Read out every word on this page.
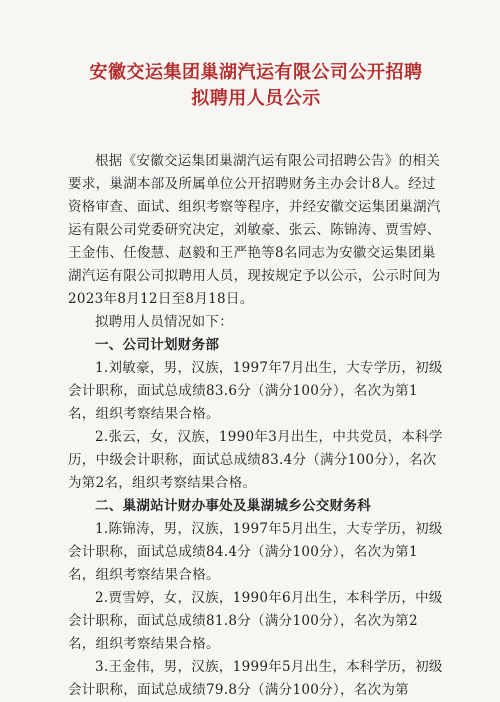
安徽交运集团巢湖汽运有限公司公开招聘
拟聘用人员公示

根据《安徽交运集团巢湖汽运有限公司招聘公告》的相关要求，巢湖本部及所属单位公开招聘财务主办会计8人。经过资格审查、面试、组织考察等程序，并经安徽交运集团巢湖汽运有限公司党委研究决定，刘敏豪、张云、陈锦涛、贾雪婷、王金伟、任俊慧、赵毅和王严艳等8名同志为安徽交运集团巢湖汽运有限公司拟聘用人员，现按规定予以公示，公示时间为2023年8月12日至8月18日。

拟聘用人员情况如下：

一、公司计划财务部

1.刘敏豪，男，汉族，1997年7月出生，大专学历，初级会计职称，面试总成绩83.6分（满分100分），名次为第1名，组织考察结果合格。

2.张云，女，汉族，1990年3月出生，中共党员，本科学历，中级会计职称，面试总成绩83.4分（满分100分），名次为第2名，组织考察结果合格。

二、巢湖站计财办事处及巢湖城乡公交财务科

1.陈锦涛，男，汉族，1997年5月出生，大专学历，初级会计职称，面试总成绩84.4分（满分100分），名次为第1名，组织考察结果合格。

2.贾雪婷，女，汉族，1990年6月出生，本科学历，中级会计职称，面试总成绩81.8分（满分100分），名次为第2名，组织考察结果合格。

3.王金伟，男，汉族，1999年5月出生，本科学历，初级会计职称，面试总成绩79.8分（满分100分），名次为第
